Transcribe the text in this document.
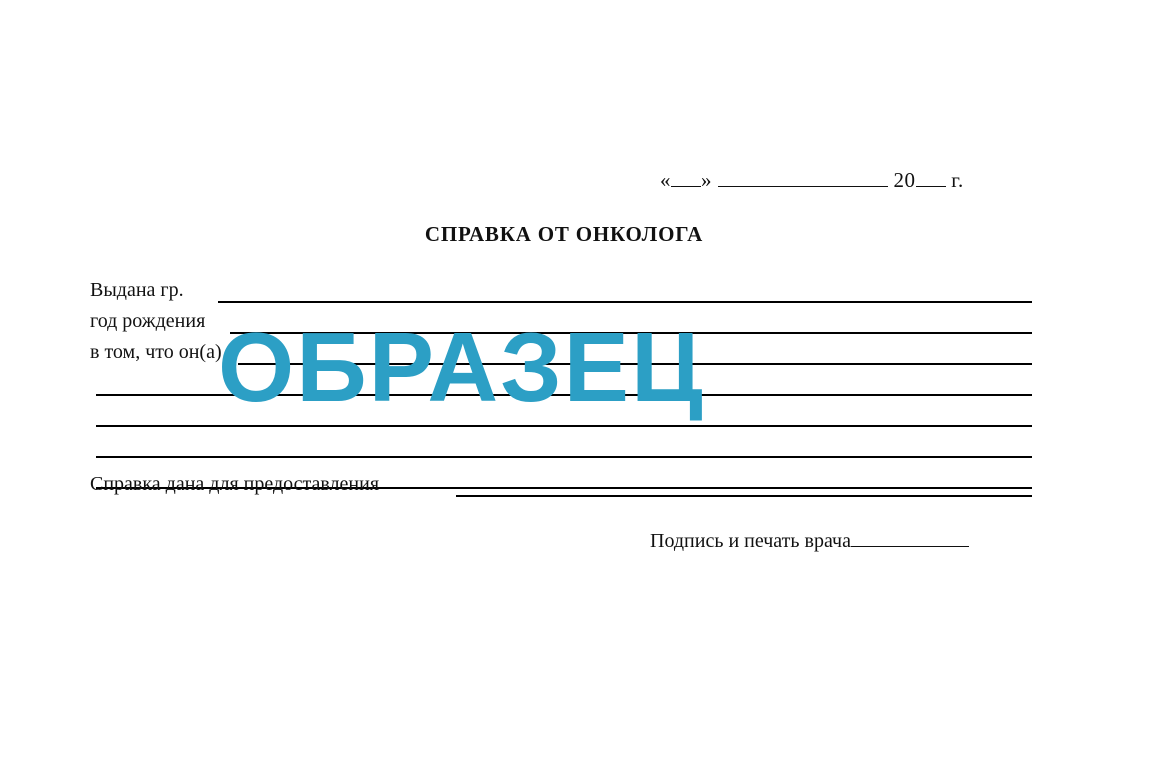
« »	20 г.
СПРАВКА ОТ ОНКОЛОГА
Выдана гр.
год рождения
в том, что он(а)
Справка дана для предоставления
Подпись и печать врача
ОБРАЗЕЦ
